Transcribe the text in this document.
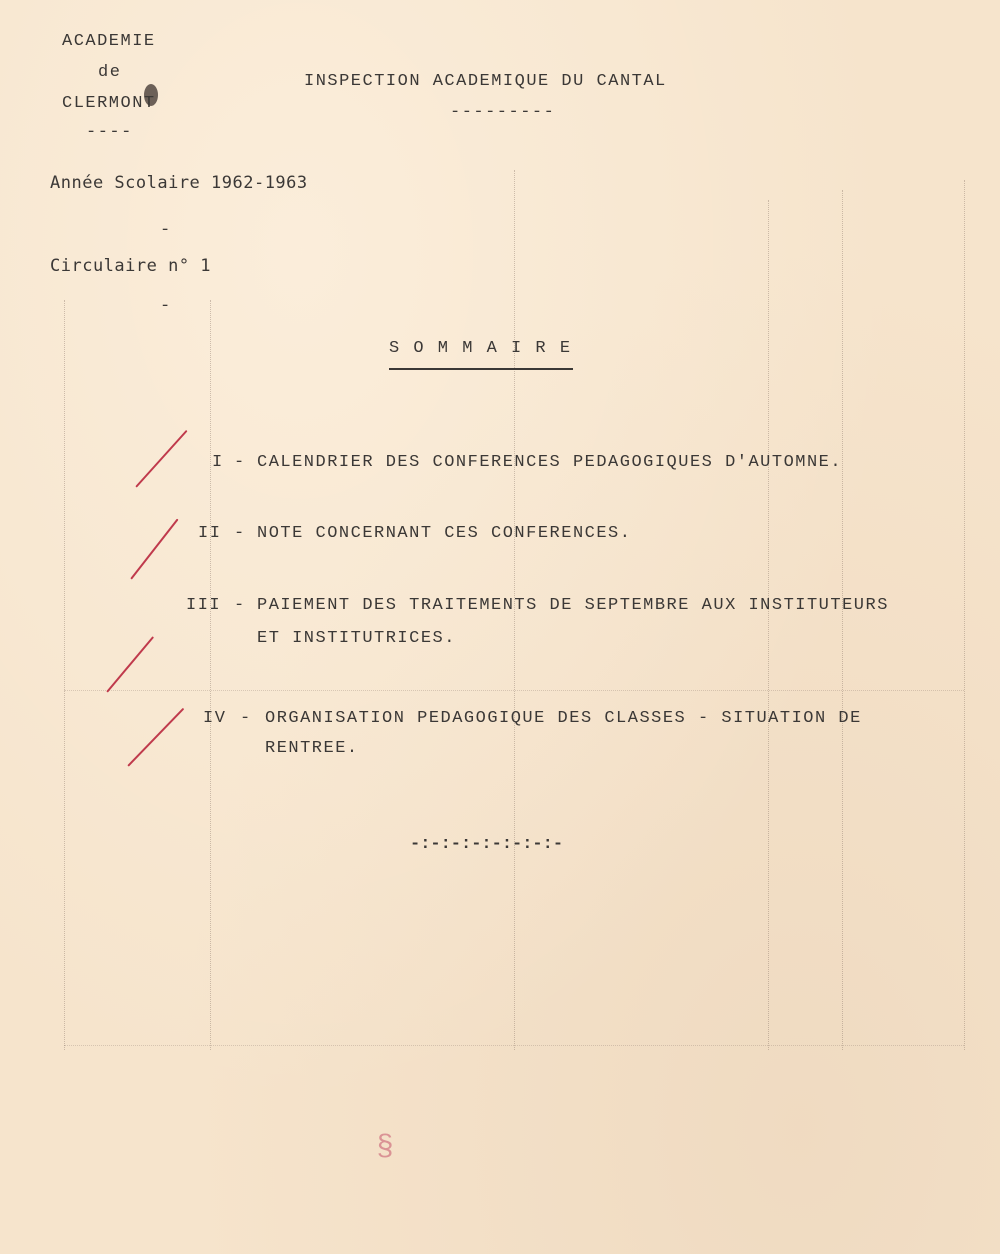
ACADEMIE
de
CLERMONT
----
INSPECTION ACADEMIQUE DU CANTAL
---------
Année Scolaire 1962-1963
-
Circulaire n° 1
-
S O M M A I R E
I - CALENDRIER DES CONFERENCES PEDAGOGIQUES D'AUTOMNE.
II - NOTE CONCERNANT CES CONFERENCES.
III - PAIEMENT DES TRAITEMENTS DE SEPTEMBRE AUX INSTITUTEURS
ET INSTITUTRICES.
IV - ORGANISATION PEDAGOGIQUE DES CLASSES - SITUATION DE
RENTREE.
-:-:-:-:-:-:-:-
§
